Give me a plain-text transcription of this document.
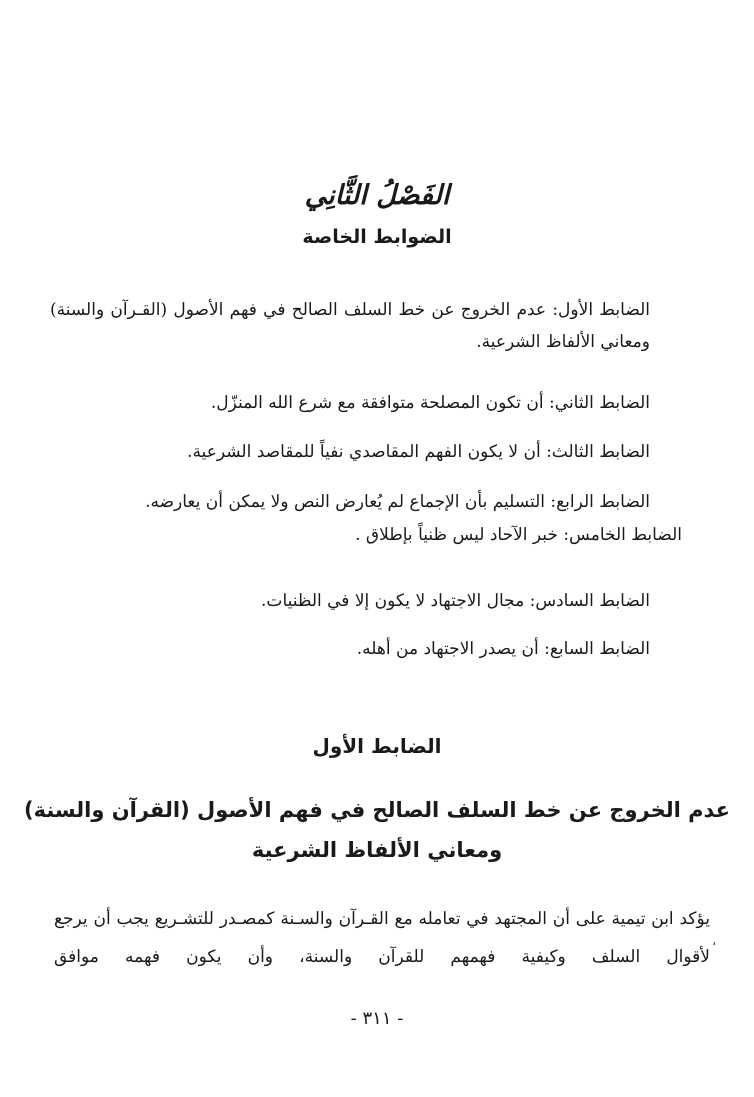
الفَصْلُ الثَّانِي
الضوابط الخاصة
الضابط الأول: عدم الخروج عن خط السلف الصالح في فهم الأصول (القـرآن والسنة) ومعاني الألفاظ الشرعية.
الضابط الثاني: أن تكون المصلحة متوافقة مع شرع الله المنزّل.
الضابط الثالث: أن لا يكون الفهم المقاصدي نفياً للمقاصد الشرعية.
الضابط الرابع: التسليم بأن الإجماع لم يُعارض النص ولا يمكن أن يعارضه.
الضابط الخامس: خبر الآحاد ليس ظنياً بإطلاق .
الضابط السادس: مجال الاجتهاد لا يكون إلا في الظنيات.
الضابط السابع: أن يصدر الاجتهاد من أهله.
الضابط الأول
عدم الخروج عن خط السلف الصالح في فهم الأصول (القرآن والسنة)
ومعاني الألفاظ الشرعية
يؤكد ابن تيمية على أن المجتهد في تعامله مع القـرآن والسـنة كمصـدر للتشـريع يجب أن يرجع لأقوال السلف وكيفية فهمهم للقرآن والسنة، وأن يكون فهمه موافق
،
- ٣١١ -
